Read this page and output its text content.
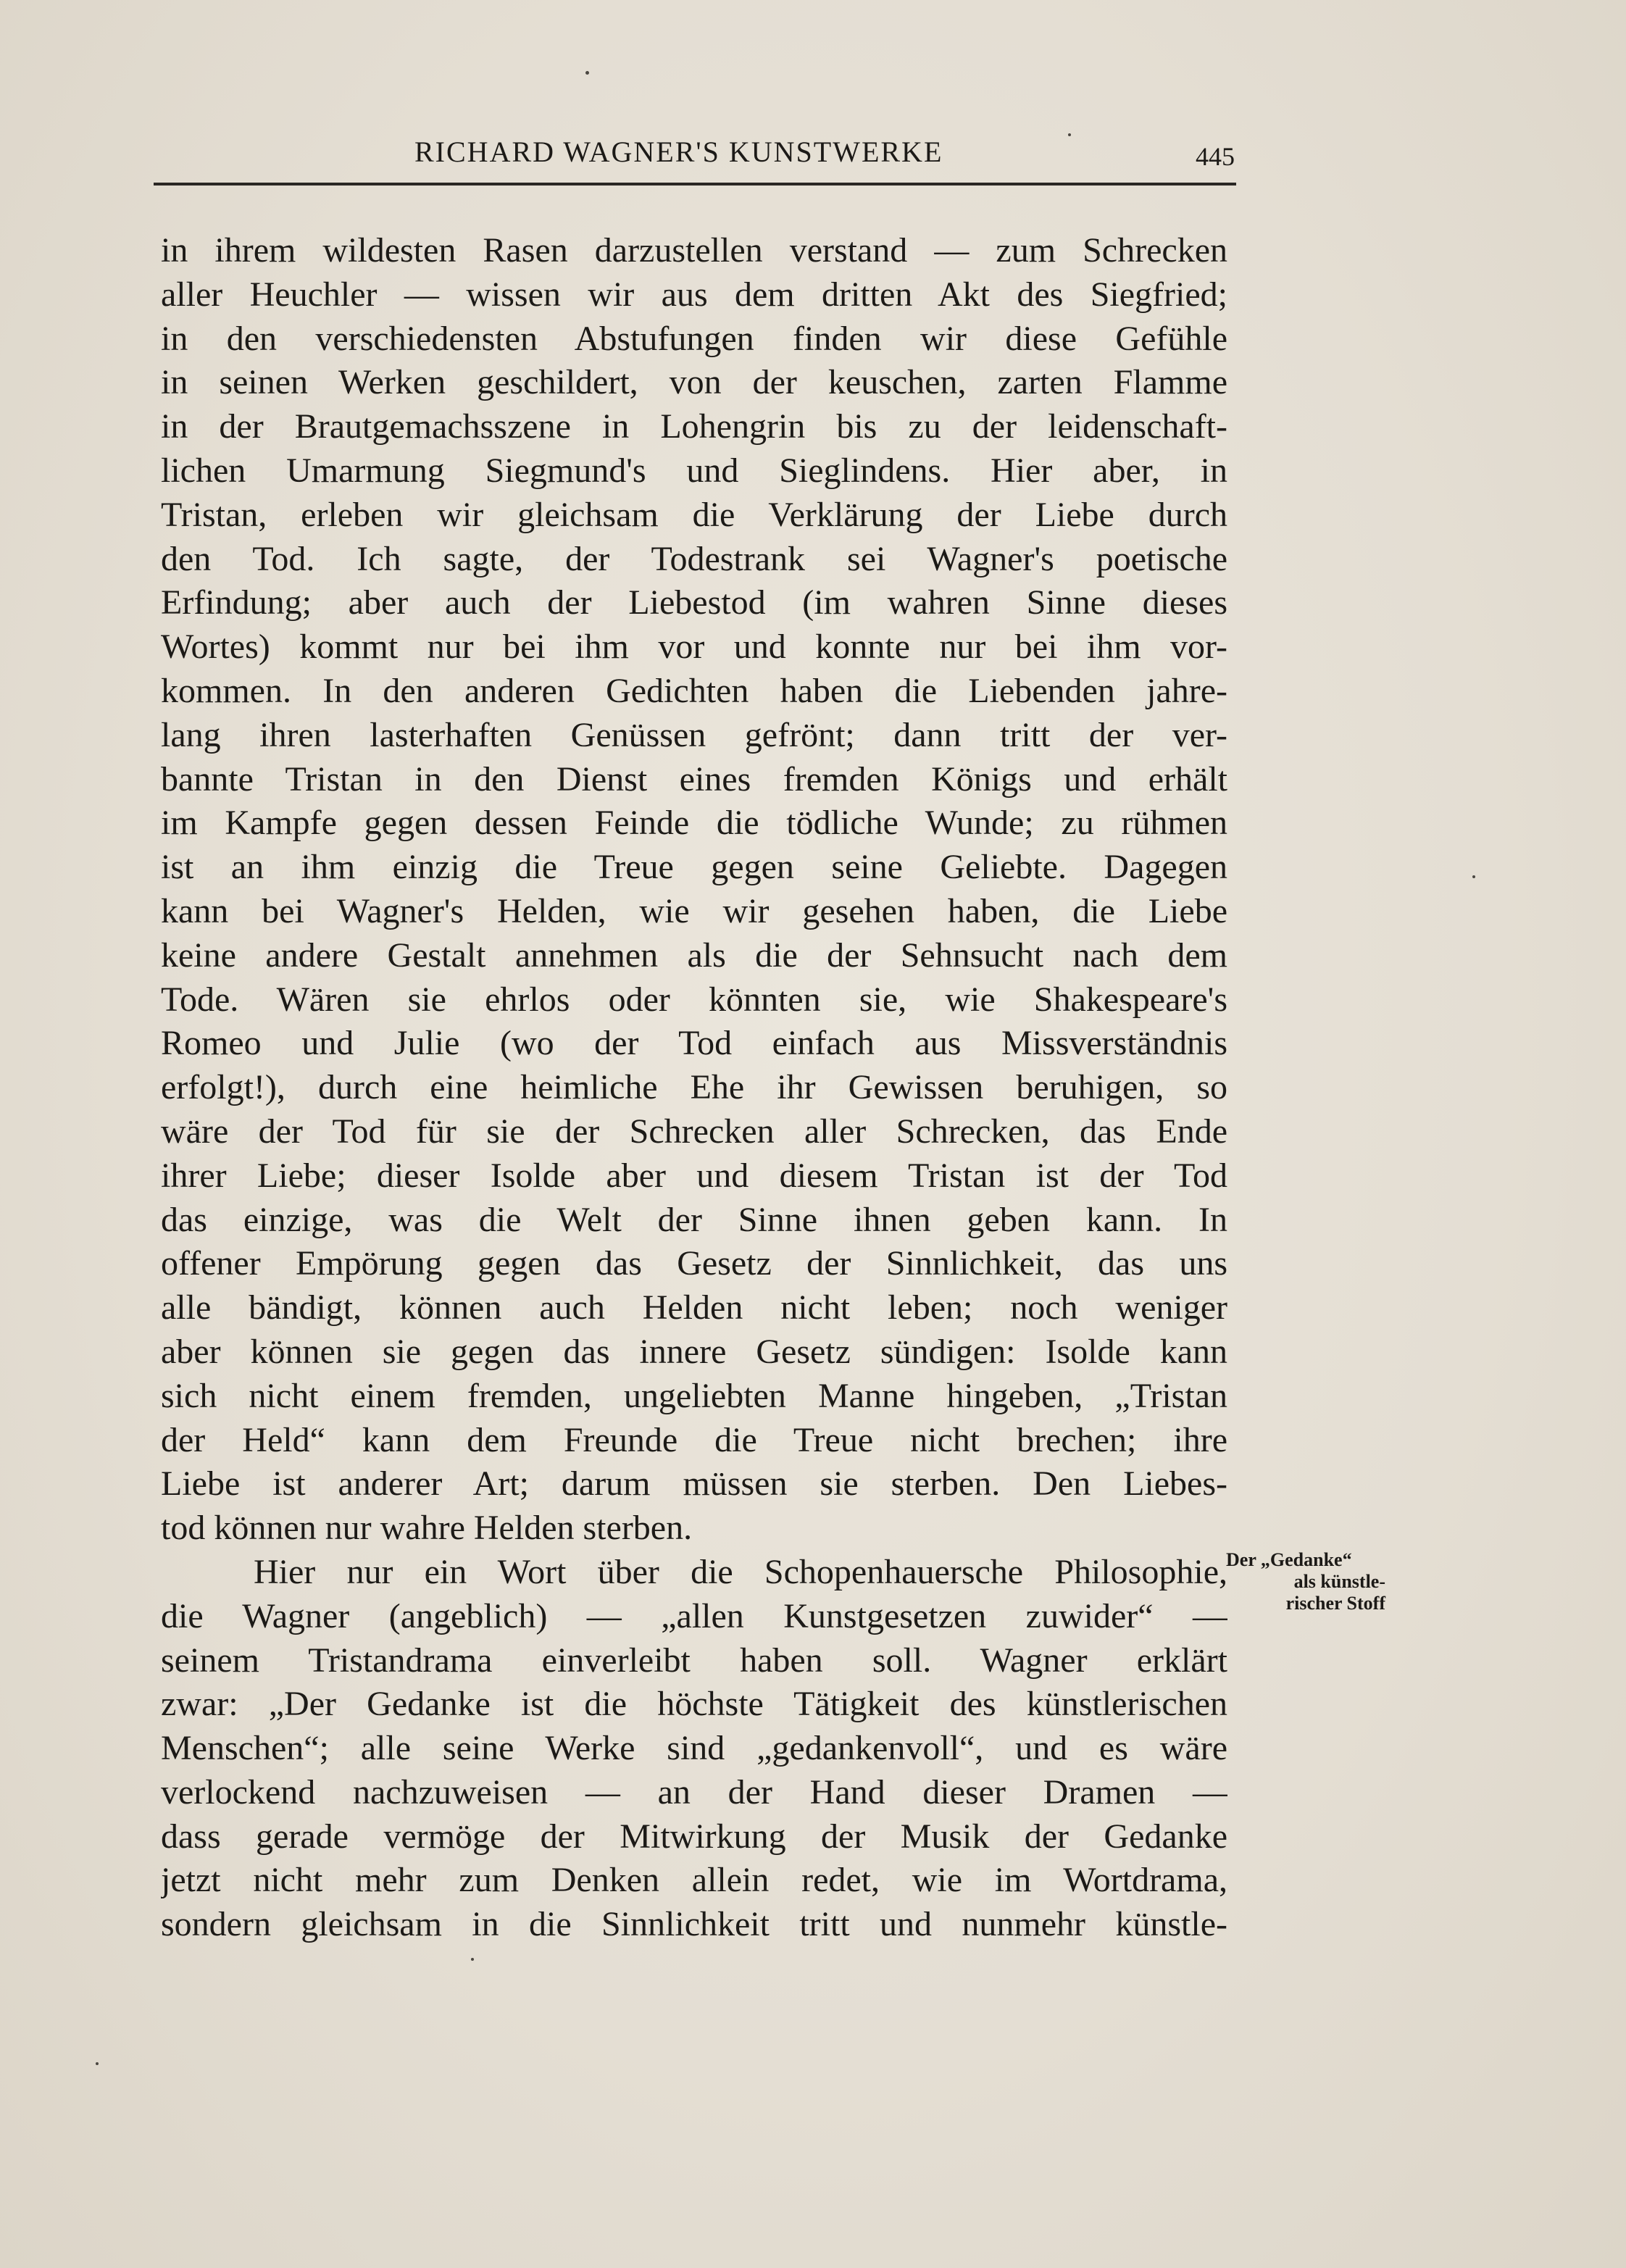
RICHARD WAGNER'S KUNSTWERKE	445
in ihrem wildesten Rasen darzustellen verstand — zum Schrecken
aller Heuchler — wissen wir aus dem dritten Akt des Siegfried;
in den verschiedensten Abstufungen finden wir diese Gefühle
in seinen Werken geschildert, von der keuschen, zarten Flamme
in der Brautgemachsszene in Lohengrin bis zu der leidenschaft-
lichen Umarmung Siegmund's und Sieglindens. Hier aber, in
Tristan, erleben wir gleichsam die Verklärung der Liebe durch
den Tod. Ich sagte, der Todestrank sei Wagner's poetische
Erfindung; aber auch der Liebestod (im wahren Sinne dieses
Wortes) kommt nur bei ihm vor und konnte nur bei ihm vor-
kommen. In den anderen Gedichten haben die Liebenden jahre-
lang ihren lasterhaften Genüssen gefrönt; dann tritt der ver-
bannte Tristan in den Dienst eines fremden Königs und erhält
im Kampfe gegen dessen Feinde die tödliche Wunde; zu rühmen
ist an ihm einzig die Treue gegen seine Geliebte. Dagegen
kann bei Wagner's Helden, wie wir gesehen haben, die Liebe
keine andere Gestalt annehmen als die der Sehnsucht nach dem
Tode. Wären sie ehrlos oder könnten sie, wie Shakespeare's
Romeo und Julie (wo der Tod einfach aus Missverständnis
erfolgt!), durch eine heimliche Ehe ihr Gewissen beruhigen, so
wäre der Tod für sie der Schrecken aller Schrecken, das Ende
ihrer Liebe; dieser Isolde aber und diesem Tristan ist der Tod
das einzige, was die Welt der Sinne ihnen geben kann. In
offener Empörung gegen das Gesetz der Sinnlichkeit, das uns
alle bändigt, können auch Helden nicht leben; noch weniger
aber können sie gegen das innere Gesetz sündigen: Isolde kann
sich nicht einem fremden, ungeliebten Manne hingeben, „Tristan
der Held“ kann dem Freunde die Treue nicht brechen; ihre
Liebe ist anderer Art; darum müssen sie sterben. Den Liebes-
tod können nur wahre Helden sterben.
Hier nur ein Wort über die Schopenhauersche Philosophie,
die Wagner (angeblich) — „allen Kunstgesetzen zuwider“ —
seinem Tristandrama einverleibt haben soll. Wagner erklärt
zwar: „Der Gedanke ist die höchste Tätigkeit des künstlerischen
Menschen“; alle seine Werke sind „gedankenvoll“, und es wäre
verlockend nachzuweisen — an der Hand dieser Dramen —
dass gerade vermöge der Mitwirkung der Musik der Gedanke
jetzt nicht mehr zum Denken allein redet, wie im Wortdrama,
sondern gleichsam in die Sinnlichkeit tritt und nunmehr künstle-
Der „Gedanke“
als künstle-
rischer Stoff
